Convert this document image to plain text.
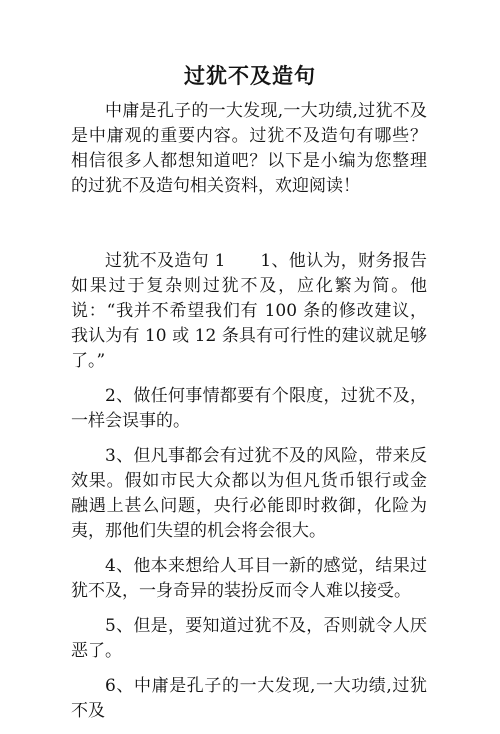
过犹不及造句

中庸是孔子的一大发现,一大功绩,过犹不及是中庸观的重要内容。过犹不及造句有哪些？相信很多人都想知道吧？以下是小编为您整理的过犹不及造句相关资料，欢迎阅读！

过犹不及造句 1　　1、他认为，财务报告如果过于复杂则过犹不及，应化繁为简。他说：“我并不希望我们有 100 条的修改建议，我认为有 10 或 12 条具有可行性的建议就足够了。”

2、做任何事情都要有个限度，过犹不及，一样会误事的。

3、但凡事都会有过犹不及的风险，带来反效果。假如市民大众都以为但凡货币银行或金融遇上甚么问题，央行必能即时救御，化险为夷，那他们失望的机会将会很大。

4、他本来想给人耳目一新的感觉，结果过犹不及，一身奇异的装扮反而令人难以接受。

5、但是，要知道过犹不及，否则就令人厌恶了。

6、中庸是孔子的一大发现,一大功绩,过犹不及
